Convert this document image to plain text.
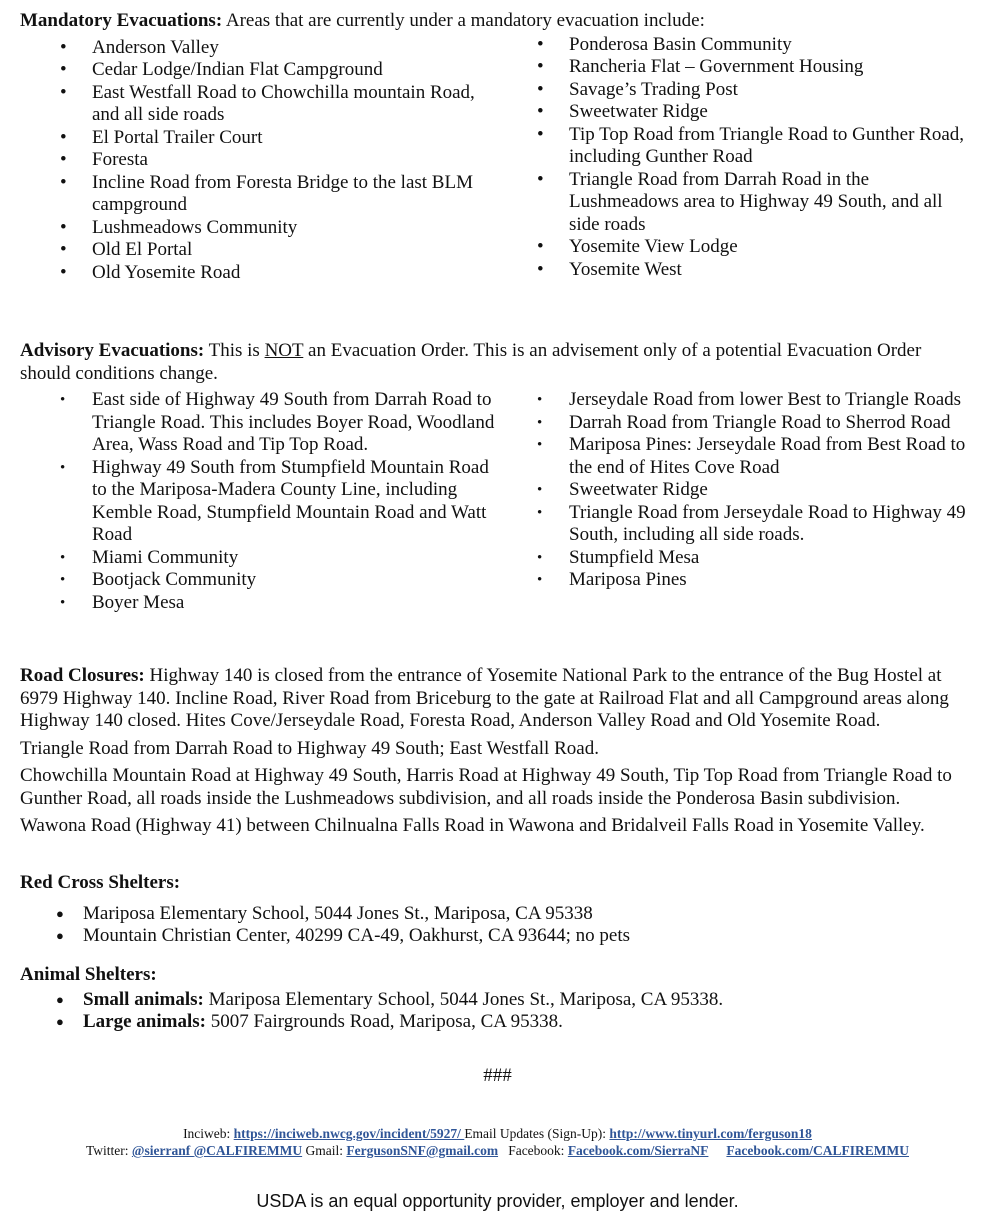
Mandatory Evacuations: Areas that are currently under a mandatory evacuation include:

• Anderson Valley
• Cedar Lodge/Indian Flat Campground
• East Westfall Road to Chowchilla mountain Road, and all side roads
• El Portal Trailer Court
• Foresta
• Incline Road from Foresta Bridge to the last BLM campground
• Lushmeadows Community
• Old El Portal
• Old Yosemite Road
• Ponderosa Basin Community
• Rancheria Flat – Government Housing
• Savage’s Trading Post
• Sweetwater Ridge
• Tip Top Road from Triangle Road to Gunther Road, including Gunther Road
• Triangle Road from Darrah Road in the Lushmeadows area to Highway 49 South, and all side roads
• Yosemite View Lodge
• Yosemite West

Advisory Evacuations: This is NOT an Evacuation Order. This is an advisement only of a potential Evacuation Order should conditions change.

• East side of Highway 49 South from Darrah Road to Triangle Road. This includes Boyer Road, Woodland Area, Wass Road and Tip Top Road.
• Highway 49 South from Stumpfield Mountain Road to the Mariposa-Madera County Line, including Kemble Road, Stumpfield Mountain Road and Watt Road
• Miami Community
• Bootjack Community
• Boyer Mesa
• Jerseydale Road from lower Best to Triangle Roads
• Darrah Road from Triangle Road to Sherrod Road
• Mariposa Pines: Jerseydale Road from Best Road to the end of Hites Cove Road
• Sweetwater Ridge
• Triangle Road from Jerseydale Road to Highway 49 South, including all side roads.
• Stumpfield Mesa
• Mariposa Pines

Road Closures: Highway 140 is closed from the entrance of Yosemite National Park to the entrance of the Bug Hostel at 6979 Highway 140. Incline Road, River Road from Briceburg to the gate at Railroad Flat and all Campground areas along Highway 140 closed. Hites Cove/Jerseydale Road, Foresta Road, Anderson Valley Road and Old Yosemite Road.

Triangle Road from Darrah Road to Highway 49 South; East Westfall Road.

Chowchilla Mountain Road at Highway 49 South, Harris Road at Highway 49 South, Tip Top Road from Triangle Road to Gunther Road, all roads inside the Lushmeadows subdivision, and all roads inside the Ponderosa Basin subdivision.

Wawona Road (Highway 41) between Chilnualna Falls Road in Wawona and Bridalveil Falls Road in Yosemite Valley.

Red Cross Shelters:

● Mariposa Elementary School, 5044 Jones St., Mariposa, CA 95338
● Mountain Christian Center, 40299 CA-49, Oakhurst, CA 93644; no pets

Animal Shelters:

● Small animals: Mariposa Elementary School, 5044 Jones St., Mariposa, CA 95338.
● Large animals: 5007 Fairgrounds Road, Mariposa, CA 95338.
###
Inciweb: https://inciweb.nwcg.gov/incident/5927/ Email Updates (Sign-Up): http://www.tinyurl.com/ferguson18
Twitter: @sierranf @CALFIREMMU Gmail: FergusonSNF@gmail.com   Facebook: Facebook.com/SierraNF Facebook.com/CALFIREMMU
USDA is an equal opportunity provider, employer and lender.
